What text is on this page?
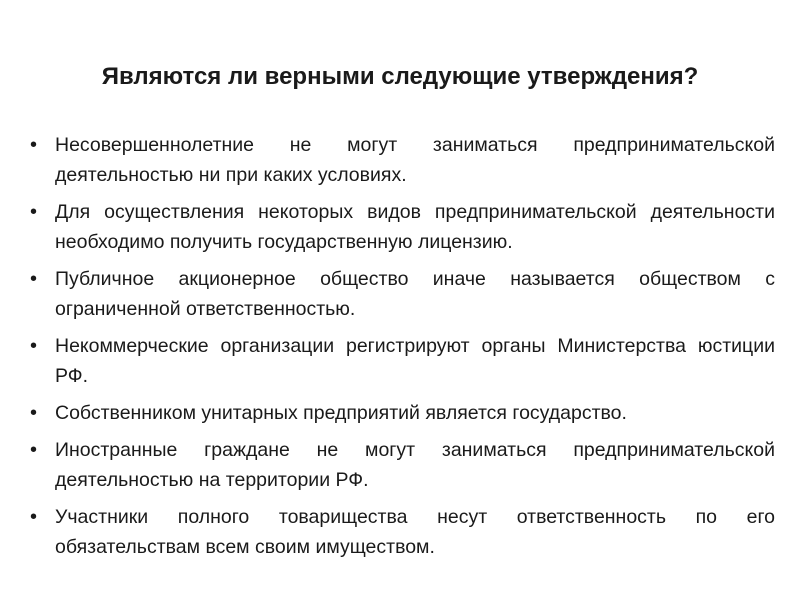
Являются ли верными следующие утверждения?
• Несовершеннолетние не могут заниматься предпринимательской деятельностью ни при каких условиях.
• Для осуществления некоторых видов предпринимательской деятельности необходимо получить государственную лицензию.
• Публичное акционерное общество иначе называется обществом с ограниченной ответственностью.
• Некоммерческие организации регистрируют органы Министерства юстиции РФ.
• Собственником унитарных предприятий является государство.
• Иностранные граждане не могут заниматься предпринимательской деятельностью на территории РФ.
• Участники полного товарищества несут ответственность по его обязательствам всем своим имуществом.
